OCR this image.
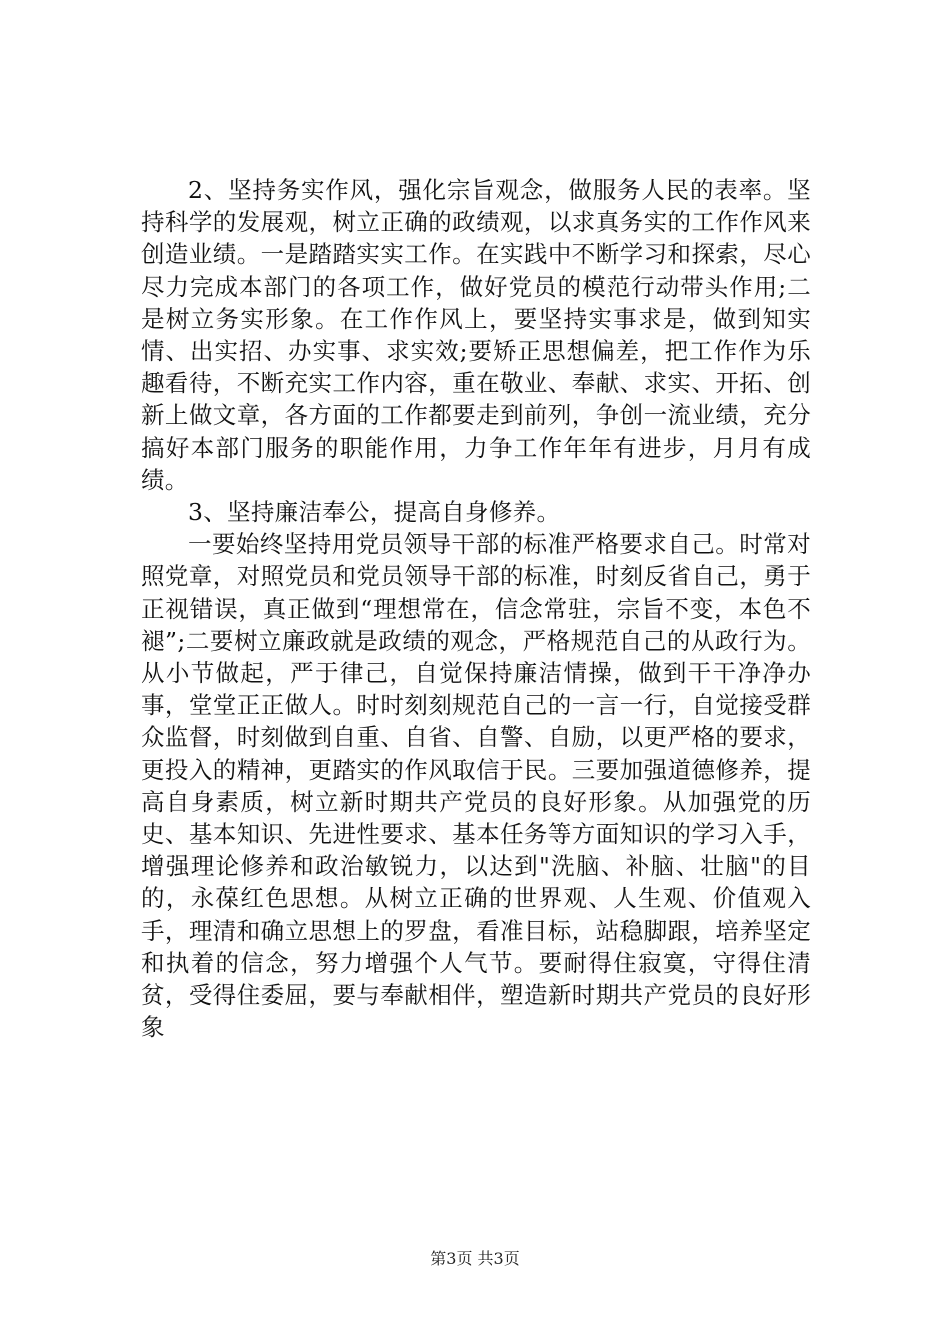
2、坚持务实作风，强化宗旨观念，做服务人民的表率。坚持科学的发展观，树立正确的政绩观，以求真务实的工作作风来创造业绩。一是踏踏实实工作。在实践中不断学习和探索，尽心尽力完成本部门的各项工作，做好党员的模范行动带头作用;二是树立务实形象。在工作作风上，要坚持实事求是，做到知实情、出实招、办实事、求实效;要矫正思想偏差，把工作作为乐趣看待，不断充实工作内容，重在敬业、奉献、求实、开拓、创新上做文章，各方面的工作都要走到前列，争创一流业绩，充分搞好本部门服务的职能作用，力争工作年年有进步，月月有成绩。

3、坚持廉洁奉公，提高自身修养。

一要始终坚持用党员领导干部的标准严格要求自己。时常对照党章，对照党员和党员领导干部的标准，时刻反省自己，勇于正视错误，真正做到“理想常在，信念常驻，宗旨不变，本色不褪”;二要树立廉政就是政绩的观念，严格规范自己的从政行为。从小节做起，严于律己，自觉保持廉洁情操，做到干干净净办事，堂堂正正做人。时时刻刻规范自己的一言一行，自觉接受群众监督，时刻做到自重、自省、自警、自励，以更严格的要求，更投入的精神，更踏实的作风取信于民。三要加强道德修养，提高自身素质，树立新时期共产党员的良好形象。从加强党的历史、基本知识、先进性要求、基本任务等方面知识的学习入手，增强理论修养和政治敏锐力，以达到"洗脑、补脑、壮脑"的目的，永葆红色思想。从树立正确的世界观、人生观、价值观入手，理清和确立思想上的罗盘，看准目标，站稳脚跟，培养坚定和执着的信念，努力增强个人气节。要耐得住寂寞，守得住清贫，受得住委屈，要与奉献相伴，塑造新时期共产党员的良好形象

第3页 共3页
